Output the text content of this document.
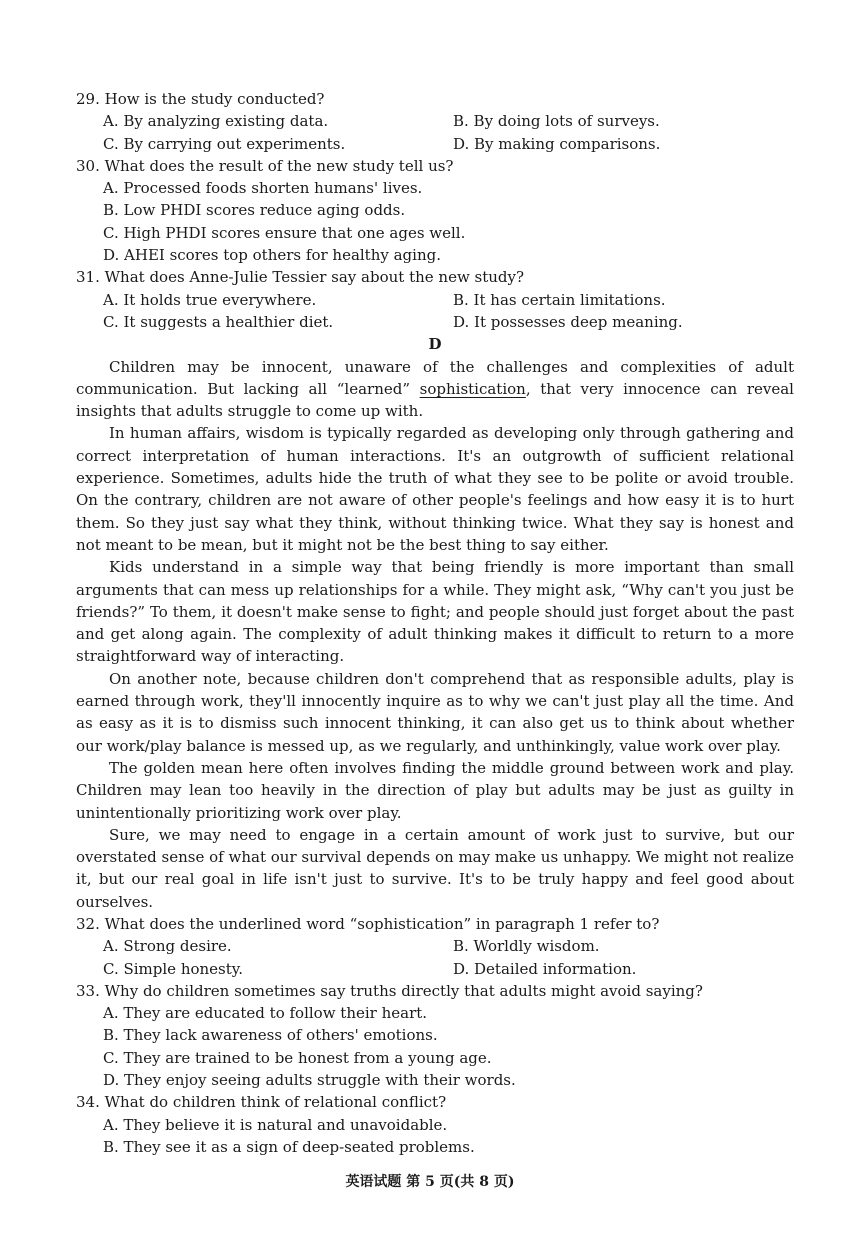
29. How is the study conducted?

A. By analyzing existing data.	B. By doing lots of surveys.

C. By carrying out experiments.	D. By making comparisons.

30. What does the result of the new study tell us?

A. Processed foods shorten humans' lives.

B. Low PHDI scores reduce aging odds.

C. High PHDI scores ensure that one ages well.

D. AHEI scores top others for healthy aging.

31. What does Anne-Julie Tessier say about the new study?

A. It holds true everywhere.	B. It has certain limitations.

C. It suggests a healthier diet.	D. It possesses deep meaning.

D

Children may be innocent, unaware of the challenges and complexities of adult communication. But lacking all “learned” sophistication, that very innocence can reveal insights that adults struggle to come up with.

In human affairs, wisdom is typically regarded as developing only through gathering and correct interpretation of human interactions. It's an outgrowth of sufficient relational experience. Sometimes, adults hide the truth of what they see to be polite or avoid trouble. On the contrary, children are not aware of other people's feelings and how easy it is to hurt them. So they just say what they think, without thinking twice. What they say is honest and not meant to be mean, but it might not be the best thing to say either.

Kids understand in a simple way that being friendly is more important than small arguments that can mess up relationships for a while. They might ask, “Why can't you just be friends?” To them, it doesn't make sense to fight; and people should just forget about the past and get along again. The complexity of adult thinking makes it difficult to return to a more straightforward way of interacting.

On another note, because children don't comprehend that as responsible adults, play is earned through work, they'll innocently inquire as to why we can't just play all the time. And as easy as it is to dismiss such innocent thinking, it can also get us to think about whether our work/play balance is messed up, as we regularly, and unthinkingly, value work over play.

The golden mean here often involves finding the middle ground between work and play. Children may lean too heavily in the direction of play but adults may be just as guilty in unintentionally prioritizing work over play.

Sure, we may need to engage in a certain amount of work just to survive, but our overstated sense of what our survival depends on may make us unhappy. We might not realize it, but our real goal in life isn't just to survive. It's to be truly happy and feel good about ourselves.

32. What does the underlined word “sophistication” in paragraph 1 refer to?

A. Strong desire.	B. Worldly wisdom.

C. Simple honesty.	D. Detailed information.

33. Why do children sometimes say truths directly that adults might avoid saying?

A. They are educated to follow their heart.

B. They lack awareness of others' emotions.

C. They are trained to be honest from a young age.

D. They enjoy seeing adults struggle with their words.

34. What do children think of relational conflict?

A. They believe it is natural and unavoidable.

B. They see it as a sign of deep-seated problems.

英语试题 第 5 页(共 8 页)
